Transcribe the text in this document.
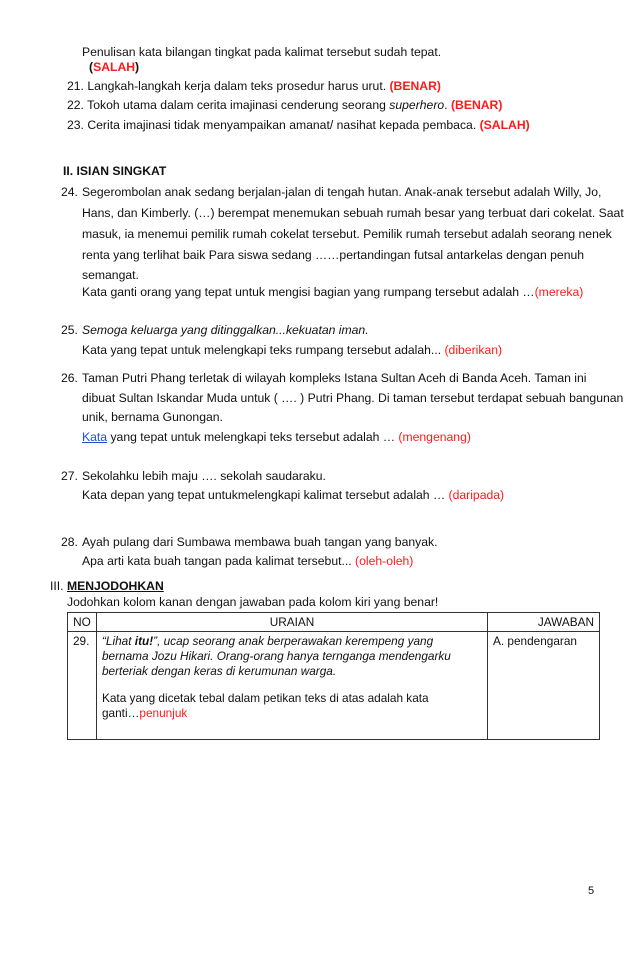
Penulisan kata bilangan tingkat pada kalimat tersebut sudah tepat.
(SALAH)
21. Langkah-langkah kerja dalam teks prosedur harus urut. (BENAR)
22. Tokoh utama dalam cerita imajinasi cenderung seorang superhero. (BENAR)
23. Cerita imajinasi tidak menyampaikan amanat/ nasihat kepada pembaca. (SALAH)
II. ISIAN SINGKAT
24. Segerombolan anak sedang berjalan-jalan di tengah hutan. Anak-anak tersebut adalah Willy, Jo,
Hans, dan Kimberly. (…) berempat menemukan sebuah rumah besar yang terbuat dari cokelat. Saat
masuk, ia menemui pemilik rumah cokelat tersebut. Pemilik rumah tersebut adalah seorang nenek
renta yang terlihat baik Para siswa sedang ……pertandingan futsal antarkelas dengan penuh
semangat.
Kata ganti orang yang tepat untuk mengisi bagian yang rumpang tersebut adalah …(mereka)
25. Semoga keluarga yang ditinggalkan...kekuatan iman.
Kata yang tepat untuk melengkapi teks rumpang tersebut adalah... (diberikan)
26. Taman Putri Phang terletak di wilayah kompleks Istana Sultan Aceh di Banda Aceh. Taman ini
dibuat Sultan Iskandar Muda untuk ( …. ) Putri Phang. Di taman tersebut terdapat sebuah bangunan
unik, bernama Gunongan.
Kata yang tepat untuk melengkapi teks tersebut adalah … (mengenang)
27. Sekolahku lebih maju …. sekolah saudaraku.
Kata depan yang tepat untukmelengkapi kalimat tersebut adalah … (daripada)
28. Ayah pulang dari Sumbawa membawa buah tangan yang banyak.
Apa arti kata buah tangan pada kalimat tersebut... (oleh-oleh)
III. MENJODOHKAN
Jodohkan kolom kanan dengan jawaban pada kolom kiri yang benar!
NO	URAIAN	JAWABAN
29.	“Lihat itu!”, ucap seorang anak berperawakan kerempeng yang
bernama Jozu Hikari. Orang-orang hanya ternganga mendengarku
berteriak dengan keras di kerumunan warga.
Kata yang dicetak tebal dalam petikan teks di atas adalah kata
ganti…penunjuk	A. pendengaran
5
